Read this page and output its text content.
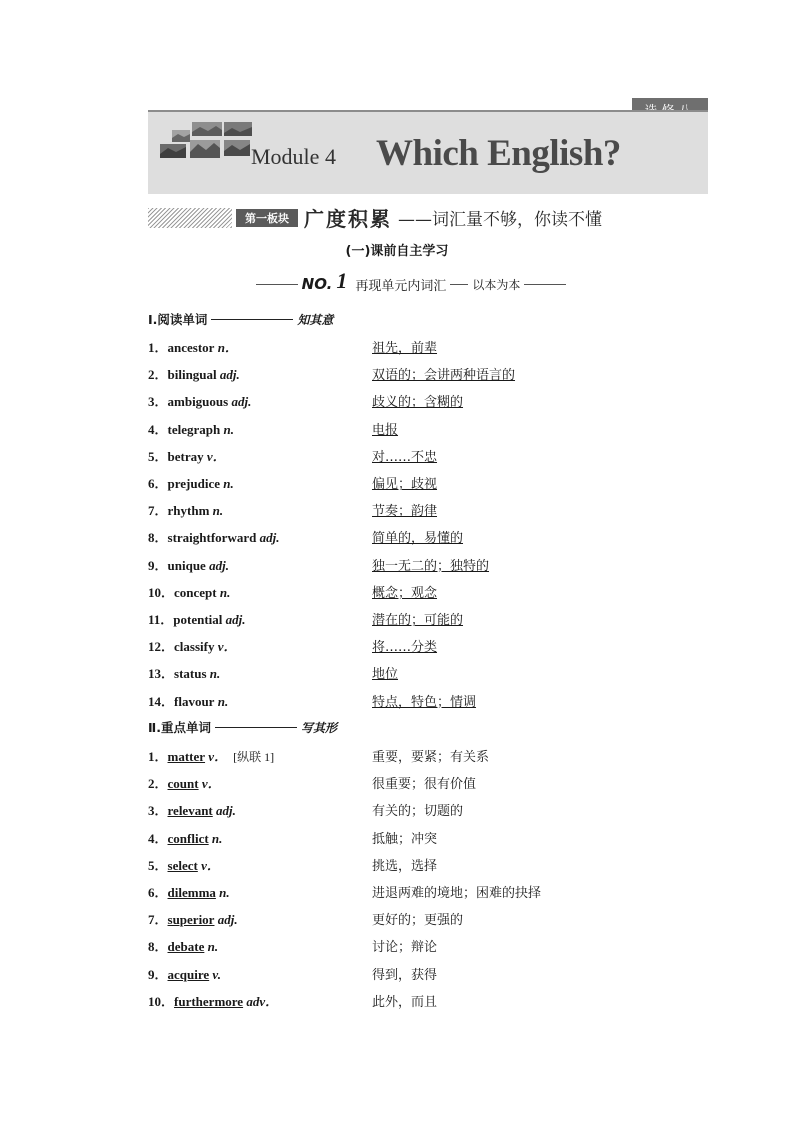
Module 4 Which English?
第一板块 广度积累 ——词汇量不够，你读不懂
(一)课前自主学习
NO. 1 再现单元内词汇 以本为本
Ⅰ.阅读单词	知其意
1．ancestor n．	祖先，前辈
2．bilingual adj.	双语的；会讲两种语言的
3．ambiguous adj.	歧义的；含糊的
4．telegraph n.	电报
5．betray v．	对……不忠
6．prejudice n.	偏见；歧视
7．rhythm n.	节奏；韵律
8．straightforward adj.	简单的，易懂的
9．unique adj.	独一无二的；独特的
10．concept n.	概念；观念
11．potential adj.	潜在的；可能的
12．classify v．	将……分类
13．status n.	地位
14．flavour n.	特点，特色；情调
Ⅱ.重点单词	写其形
1．matter v． [纵联 1]	重要，要紧；有关系
2．count v．	很重要；很有价值
3．relevant adj.	有关的；切题的
4．conflict n.	抵触；冲突
5．select v．	挑选，选择
6．dilemma n.	进退两难的境地；困难的抉择
7．superior adj.	更好的；更强的
8．debate n.	讨论；辩论
9．acquire v.	得到，获得
10．furthermore adv．	此外，而且
